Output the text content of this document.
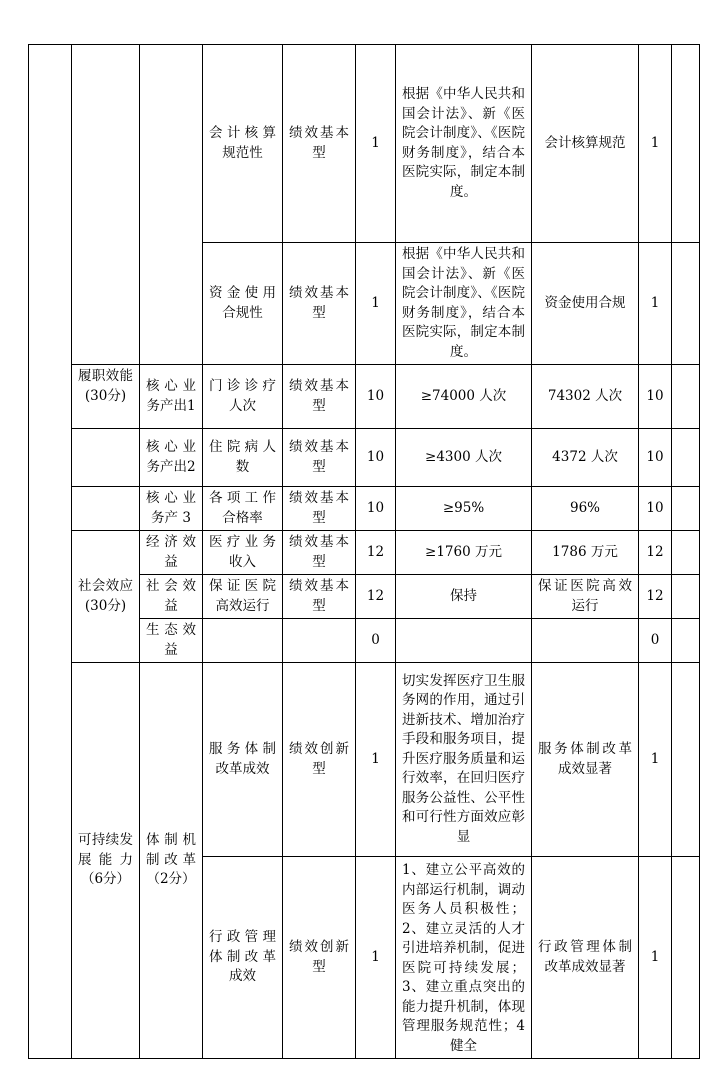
			会计核算规范性	绩效基本型	1	根据《中华人民共和国会计法》、新《医院会计制度》、《医院财务制度》，结合本医院实际，制定本制度。	会计核算规范	1	
			资金使用合规性	绩效基本型	1	根据《中华人民共和国会计法》、新《医院会计制度》、《医院财务制度》，结合本医院实际，制定本制度。	资金使用合规	1	
	履职效能(30分)	核心业务产出1	门诊诊疗人次	绩效基本型	10	≥74000 人次	74302 人次	10	
		核心业务产出2	住院病人数	绩效基本型	10	≥4300 人次	4372 人次	10	
		核心业务产 3	各项工作合格率	绩效基本型	10	≥95%	96%	10	
	社会效应(30分)	经济效益	医疗业务收入	绩效基本型	12	≥1760 万元	1786 万元	12	
		社会效益	保证医院高效运行	绩效基本型	12	保持	保证医院高效运行	12	
		生态效益			0			0	
	可持续发展能力（6分）	体制机制改革（2分）	服务体制改革成效	绩效创新型	1	切实发挥医疗卫生服务网的作用，通过引进新技术、增加治疗手段和服务项目，提升医疗服务质量和运行效率，在回归医疗服务公益性、公平性和可行性方面效应彰显	服务体制改革成效显著	1	
			行政管理体制改革成效	绩效创新型	1	1、建立公平高效的内部运行机制，调动医务人员积极性；2、建立灵活的人才引进培养机制，促进医院可持续发展；3、建立重点突出的能力提升机制，体现管理服务规范性；4 健全	行政管理体制改革成效显著	1	
